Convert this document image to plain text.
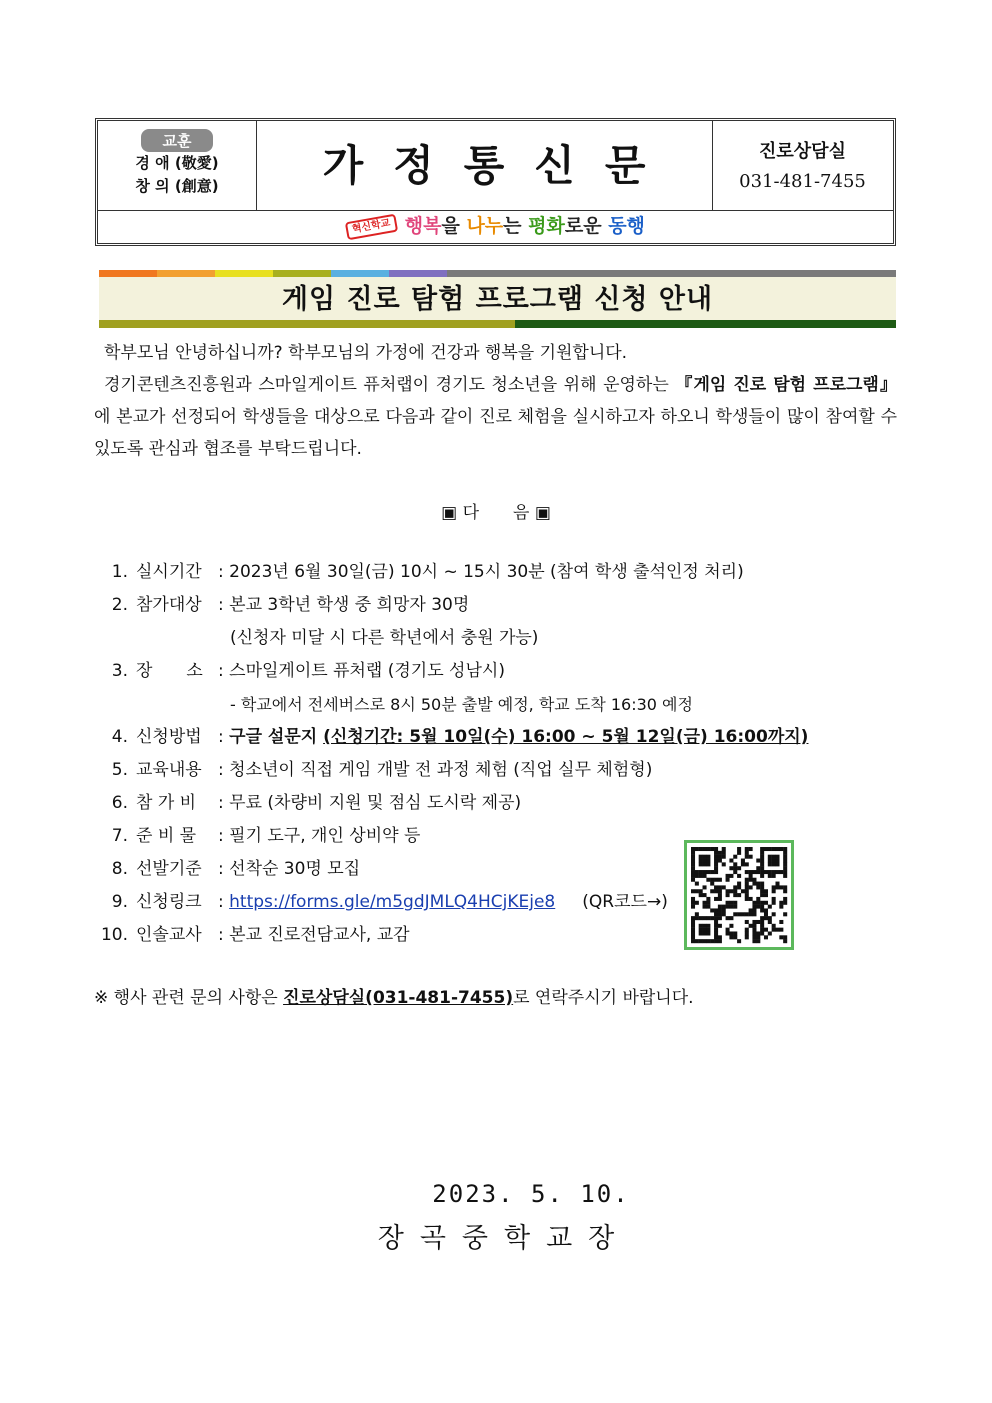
교훈
경 애 (敬愛)
창 의 (創意)	가정통신문	진로상담실
031-481-7455
혁신학교 행복을 나누는 평화로운 동행
게임 진로 탐험 프로그램 신청 안내
학부모님 안녕하십니까? 학부모님의 가정에 건강과 행복을 기원합니다.
경기콘텐츠진흥원과 스마일게이트 퓨처랩이 경기도 청소년을 위해 운영하는 『게임 진로 탐험 프로그램』에 본교가 선정되어 학생들을 대상으로 다음과 같이 진로 체험을 실시하고자 하오니 학생들이 많이 참여할 수 있도록 관심과 협조를 부탁드립니다.
▣ 다　　음 ▣
1. 실시기간 : 2023년 6월 30일(금) 10시 ~ 15시 30분 (참여 학생 출석인정 처리)
2. 참가대상 : 본교 3학년 학생 중 희망자 30명
(신청자 미달 시 다른 학년에서 충원 가능)
3. 장　　소 : 스마일게이트 퓨처랩 (경기도 성남시)
- 학교에서 전세버스로 8시 50분 출발 예정, 학교 도착 16:30 예정
4. 신청방법 : 구글 설문지 (신청기간: 5월 10일(수) 16:00 ~ 5월 12일(금) 16:00까지)
5. 교육내용 : 청소년이 직접 게임 개발 전 과정 체험 (직업 실무 체험형)
6. 참 가 비 : 무료 (차량비 지원 및 점심 도시락 제공)
7. 준 비 물 : 필기 도구, 개인 상비약 등
8. 선발기준 : 선착순 30명 모집
9. 신청링크 : https://forms.gle/m5gdJMLQ4HCjKEje8 (QR코드→)
10. 인솔교사 : 본교 진로전담교사, 교감
※ 행사 관련 문의 사항은 진로상담실(031-481-7455)로 연락주시기 바랍니다.
2023. 5. 10.
장곡중학교장
